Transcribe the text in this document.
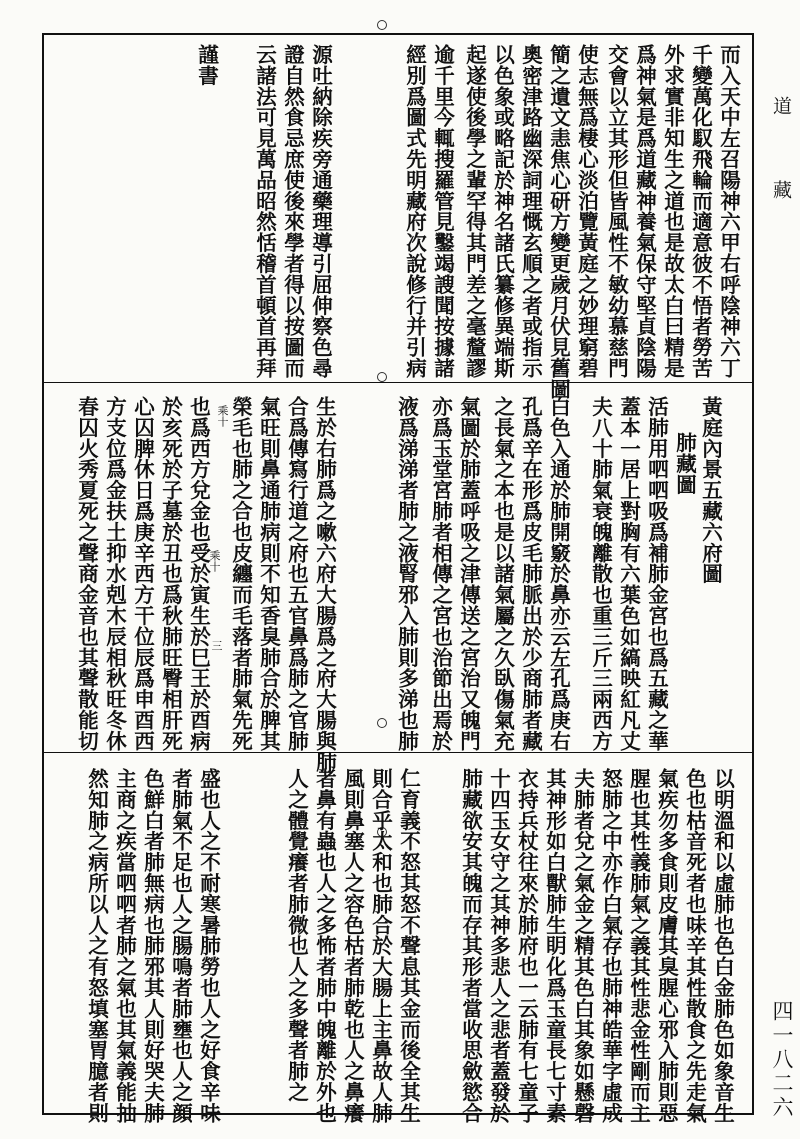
道
藏
四一八二六
而入天中左召陽神六甲右呼陰神六丁
千變萬化馭飛輪而適意彼不悟者勞苦
外求實非知生之道也是故太白曰精是
爲神氣是爲道藏神養氣保守堅貞陰陽
交會以立其形但皆風性不敏幼慕慈門
使志無爲棲心淡泊覽黃庭之妙理窮碧
簡之遺文恚焦心研方變更歲月伏見舊圖
奧密津路幽深詞理慨玄順之者或指示
以色象或略記於神名諸氏纂修異端斯
起遂使後學之輩罕得其門差之毫釐謬
逾千里今輒搜羅管見鑿竭謏聞按據諸
經別爲圖式先明藏府次說修行并引病
源吐納除疾旁通藥理導引屈伸察色尋
證自然食忌庶使後來學者得以按圖而
云諸法可見萬品昭然恬稽首頓首再拜
謹書
乘十	黃庭內景五藏六府圖
肺藏圖
活肺用呬呬吸爲補肺金宮也爲五藏之華
蓋本一居上對胸有六葉色如縞映紅凡丈
夫八十肺氣衰魄離散也重三斤三兩西方
白色入通於肺開竅於鼻亦云左孔爲庚右
孔爲辛在形爲皮毛肺脈出於少商肺者藏
之長氣之本也是以諸氣屬之久臥傷氣充
氣圖於肺蓋呼吸之津傳送之宮治又魄門
亦爲玉堂宮肺者相傳之宮也治節出焉於
液爲涕涕者肺之液腎邪入肺則多涕也肺
生於右肺爲之嗽六府大腸爲之府大腸與肺
合爲傳寫行道之府也五官鼻爲肺之官肺
氣旺則鼻通肺病則不知香臭肺合於脾其
榮毛也肺之合也皮纏而毛落者肺氣先死
也爲西方兌金也受於寅生於巳王於酉病
於亥死於子墓於丑也爲秋肺旺臀相肝死
心囚脾休日爲庚辛西方干位辰爲申酉西
方支位爲金扶土抑水剋木辰相秋旺冬休
春囚火秀夏死之聲商金音也其聲散能切	乘十
三
以明溫和以虛肺也色白金肺色如象音生
色也枯音死者也味辛其性散食之先走氣
氣疾勿多食則皮膚其臭腥心邪入肺則惡
腥也其性義肺氣之義其性悲金性剛而主
怒肺之中亦作白氣存也肺神皓華字虛成
夫肺者兌之氣金之精其色白其象如懸磬
其神形如白獸肺生眀化爲玉童長七寸素
衣持兵杖往來於肺府也一云肺有七童子
十四玉女守之其神多悲人之悲者蓋發於
肺藏欲安其魄而存其形者當收思斂慾合
仁育義不怒其怒不聲息其金而後全其生
則合乎太和也肺合於大腸上主鼻故人肺
風則鼻塞人之容色枯者肺乾也人之鼻癢
者鼻有蟲也人之多怖者肺中魄離於外也
人之體覺癢者肺微也人之多聲者肺之
盛也人之不耐寒暑肺勞也人之好食辛味
者肺氣不足也人之腸鳴者肺壅也人之顔
色鮮白者肺無病也肺邪其人則好哭夫肺
主商之疾當呬呬者肺之氣也其氣義能抽
然知肺之病所以人之有怒填塞胃臆者則
